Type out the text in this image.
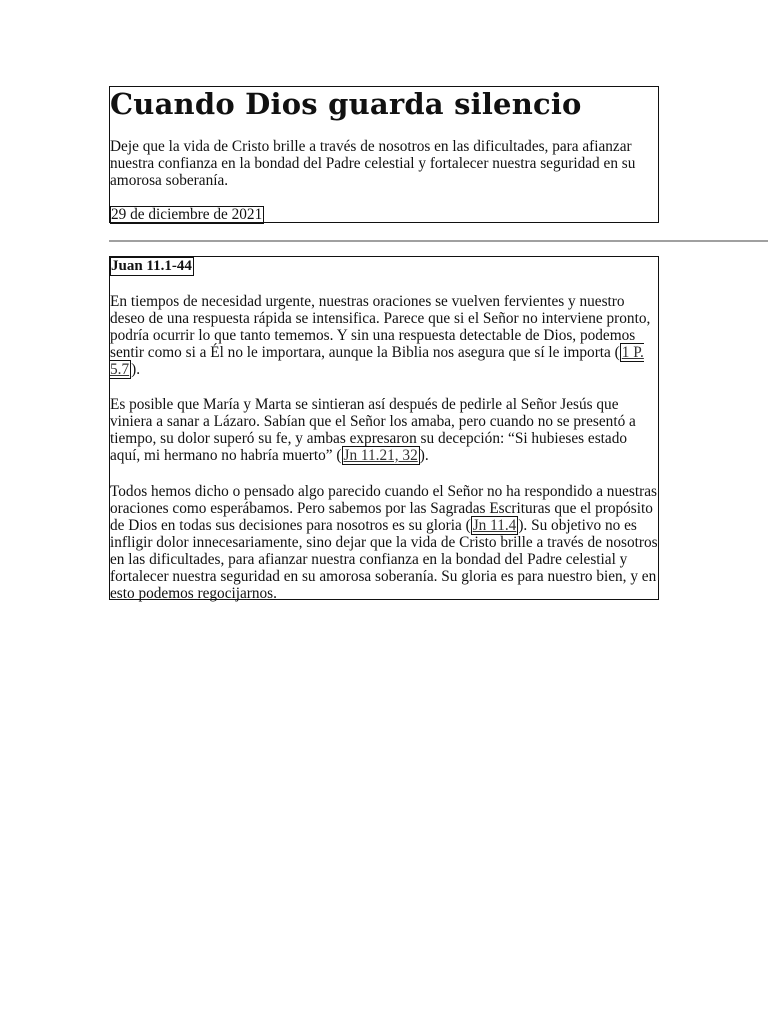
Cuando Dios guarda silencio

Deje que la vida de Cristo brille a través de nosotros en las dificultades, para afianzar nuestra confianza en la bondad del Padre celestial y fortalecer nuestra seguridad en su amorosa soberanía.

29 de diciembre de 2021
Juan 11.1-44

En tiempos de necesidad urgente, nuestras oraciones se vuelven fervientes y nuestro deseo de una respuesta rápida se intensifica. Parece que si el Señor no interviene pronto, podría ocurrir lo que tanto tememos. Y sin una respuesta detectable de Dios, podemos sentir como si a Él no le importara, aunque la Biblia nos asegura que sí le importa ( 1 P. 5.7 ).

Es posible que María y Marta se sintieran así después de pedirle al Señor Jesús que viniera a sanar a Lázaro. Sabían que el Señor los amaba, pero cuando no se presentó a tiempo, su dolor superó su fe, y ambas expresaron su decepción: “Si hubieses estado aquí, mi hermano no habría muerto” ( Jn 11.21, 32 ).

Todos hemos dicho o pensado algo parecido cuando el Señor no ha respondido a nuestras oraciones como esperábamos. Pero sabemos por las Sagradas Escrituras que el propósito de Dios en todas sus decisiones para nosotros es su gloria ( Jn 11.4 ). Su objetivo no es infligir dolor innecesariamente, sino dejar que la vida de Cristo brille a través de nosotros en las dificultades, para afianzar nuestra confianza en la bondad del Padre celestial y fortalecer nuestra seguridad en su amorosa soberanía. Su gloria es para nuestro bien, y en esto podemos regocijarnos.
